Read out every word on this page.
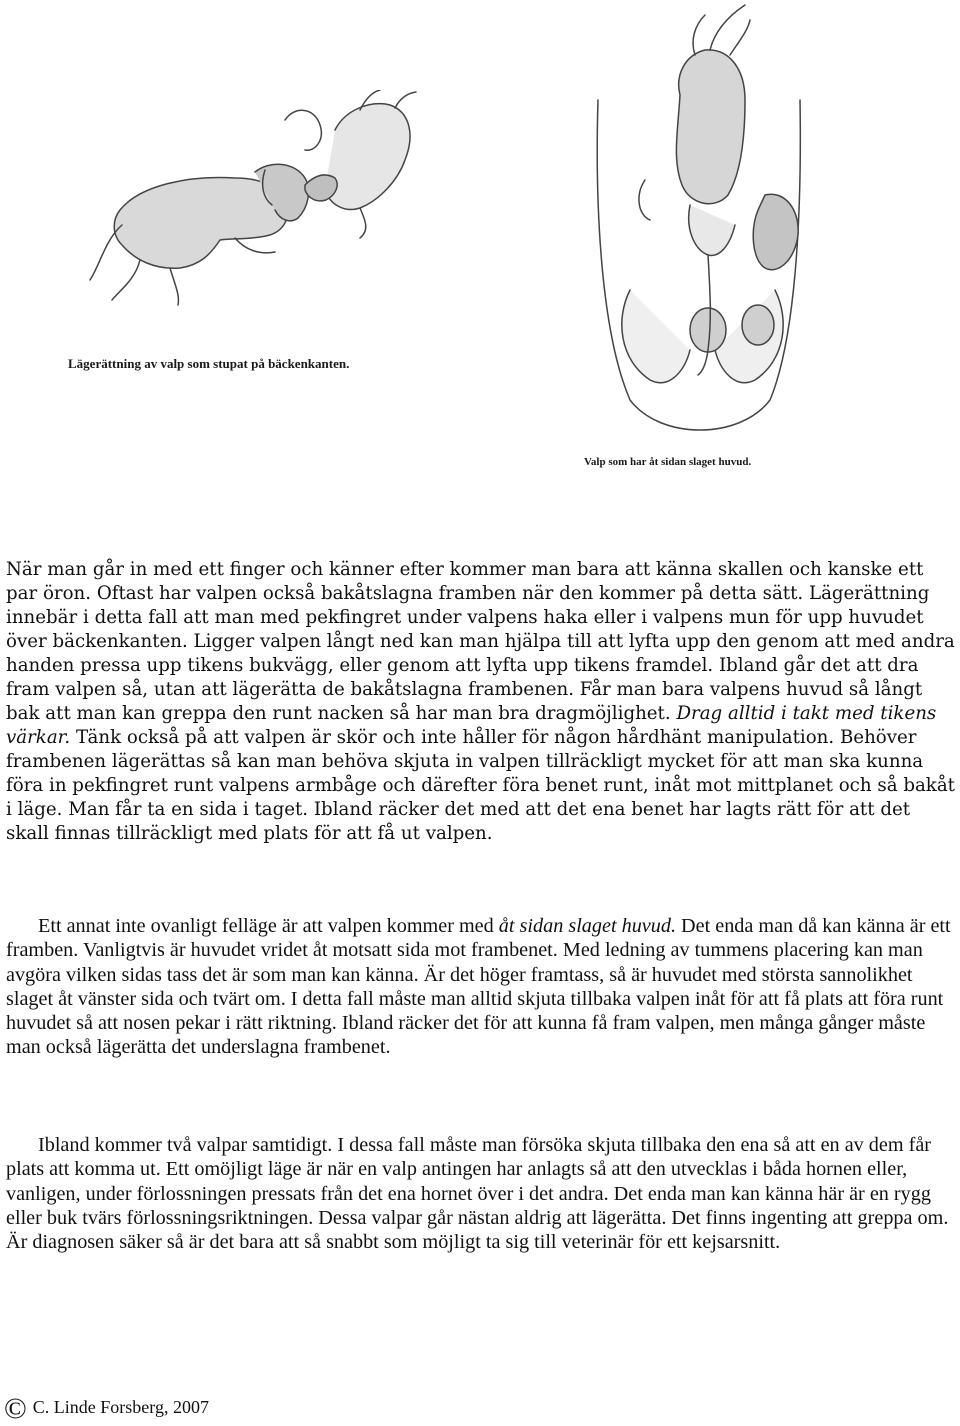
Lägerättning av valp som stupat på bäckenkanten.

Valp som har åt sidan slaget huvud.

När man går in med ett finger och känner efter kommer man bara att känna skallen och kanske ett par öron. Oftast har valpen också bakåtslagna framben när den kommer på detta sätt. Lägerättning innebär i detta fall att man med pekfingret under valpens haka eller i valpens mun för upp huvudet över bäckenkanten. Ligger valpen långt ned kan man hjälpa till att lyfta upp den genom att med andra handen pressa upp tikens bukvägg, eller genom att lyfta upp tikens framdel. Ibland går det att dra fram valpen så, utan att lägerätta de bakåtslagna frambenen. Får man bara valpens huvud så långt bak att man kan greppa den runt nacken så har man bra dragmöjlighet. Drag alltid i takt med tikens värkar. Tänk också på att valpen är skör och inte håller för någon hårdhänt manipulation. Behöver frambenen lägerättas så kan man behöva skjuta in valpen tillräckligt mycket för att man ska kunna föra in pekfingret runt valpens armbåge och därefter föra benet runt, inåt mot mittplanet och så bakåt i läge. Man får ta en sida i taget. Ibland räcker det med att det ena benet har lagts rätt för att det skall finnas tillräckligt med plats för att få ut valpen.

Ett annat inte ovanligt felläge är att valpen kommer med åt sidan slaget huvud. Det enda man då kan känna är ett framben. Vanligtvis är huvudet vridet åt motsatt sida mot frambenet. Med ledning av tummens placering kan man avgöra vilken sidas tass det är som man kan känna. Är det höger framtass, så är huvudet med största sannolikhet slaget åt vänster sida och tvärt om. I detta fall måste man alltid skjuta tillbaka valpen inåt för att få plats att föra runt huvudet så att nosen pekar i rätt riktning. Ibland räcker det för att kunna få fram valpen, men många gånger måste man också lägerätta det underslagna frambenet.

Ibland kommer två valpar samtidigt. I dessa fall måste man försöka skjuta tillbaka den ena så att en av dem får plats att komma ut. Ett omöjligt läge är när en valp antingen har anlagts så att den utvecklas i båda hornen eller, vanligen, under förlossningen pressats från det ena hornet över i det andra. Det enda man kan känna här är en rygg eller buk tvärs förlossningsriktningen. Dessa valpar går nästan aldrig att lägerätta. Det finns ingenting att greppa om. Är diagnosen säker så är det bara att så snabbt som möjligt ta sig till veterinär för ett kejsarsnitt.

© C. Linde Forsberg, 2007
